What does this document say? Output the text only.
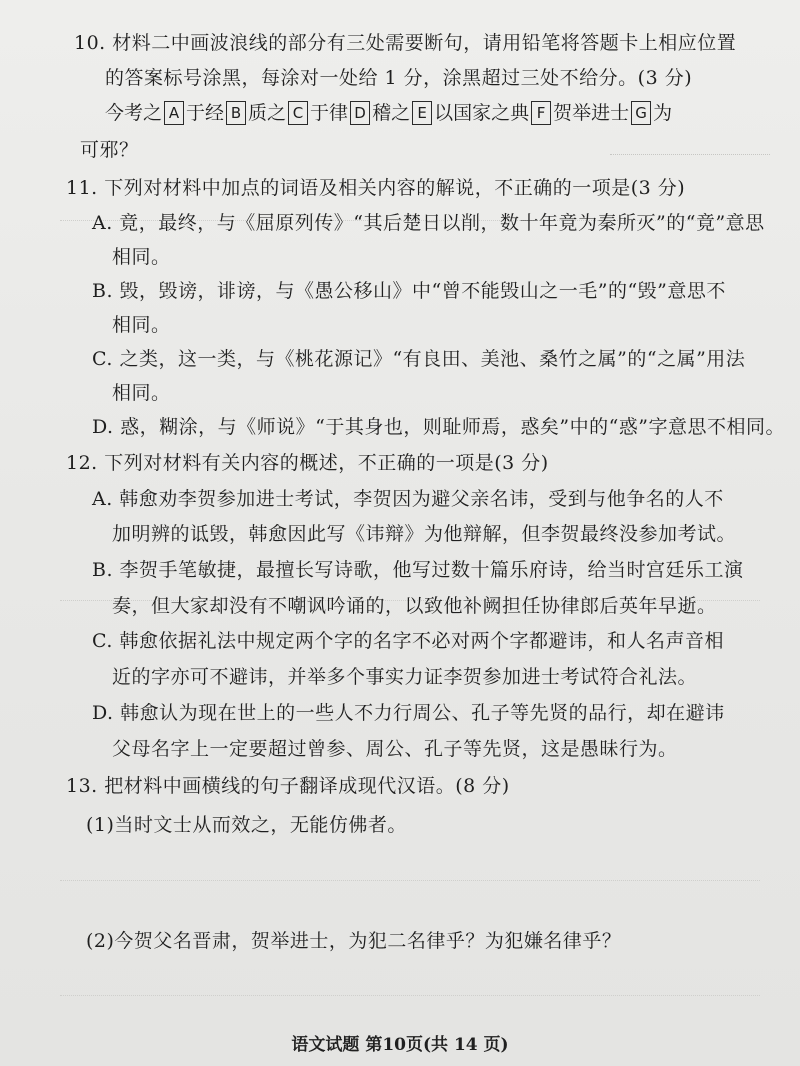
10. 材料二中画波浪线的部分有三处需要断句，请用铅笔将答题卡上相应位置
的答案标号涂黑，每涂对一处给 1 分，涂黑超过三处不给分。(3 分)
今考之 A 于经 B 质之 C 于律 D 稽之 E 以国家之典 F 贺举进士 G 为
可邪？
11. 下列对材料中加点的词语及相关内容的解说，不正确的一项是(3 分)
A. 竟，最终，与《屈原列传》“其后楚日以削，数十年竟为秦所灭”的“竟”意思
相同。
B. 毁，毁谤，诽谤，与《愚公移山》中“曾不能毁山之一毛”的“毁”意思不
相同。
C. 之类，这一类，与《桃花源记》“有良田、美池、桑竹之属”的“之属”用法
相同。
D. 惑，糊涂，与《师说》“于其身也，则耻师焉，惑矣”中的“惑”字意思不相同。
12. 下列对材料有关内容的概述，不正确的一项是(3 分)
A. 韩愈劝李贺参加进士考试，李贺因为避父亲名讳，受到与他争名的人不
加明辨的诋毁，韩愈因此写《讳辩》为他辩解，但李贺最终没参加考试。
B. 李贺手笔敏捷，最擅长写诗歌，他写过数十篇乐府诗，给当时宫廷乐工演
奏，但大家却没有不嘲讽吟诵的，以致他补阙担任协律郎后英年早逝。
C. 韩愈依据礼法中规定两个字的名字不必对两个字都避讳，和人名声音相
近的字亦可不避讳，并举多个事实力证李贺参加进士考试符合礼法。
D. 韩愈认为现在世上的一些人不力行周公、孔子等先贤的品行，却在避讳
父母名字上一定要超过曾参、周公、孔子等先贤，这是愚昧行为。
13. 把材料中画横线的句子翻译成现代汉语。(8 分)
(1)当时文士从而效之，无能仿佛者。
(2)今贺父名晋肃，贺举进士，为犯二名律乎？为犯嫌名律乎？
语文试题 第10页(共 14 页)
